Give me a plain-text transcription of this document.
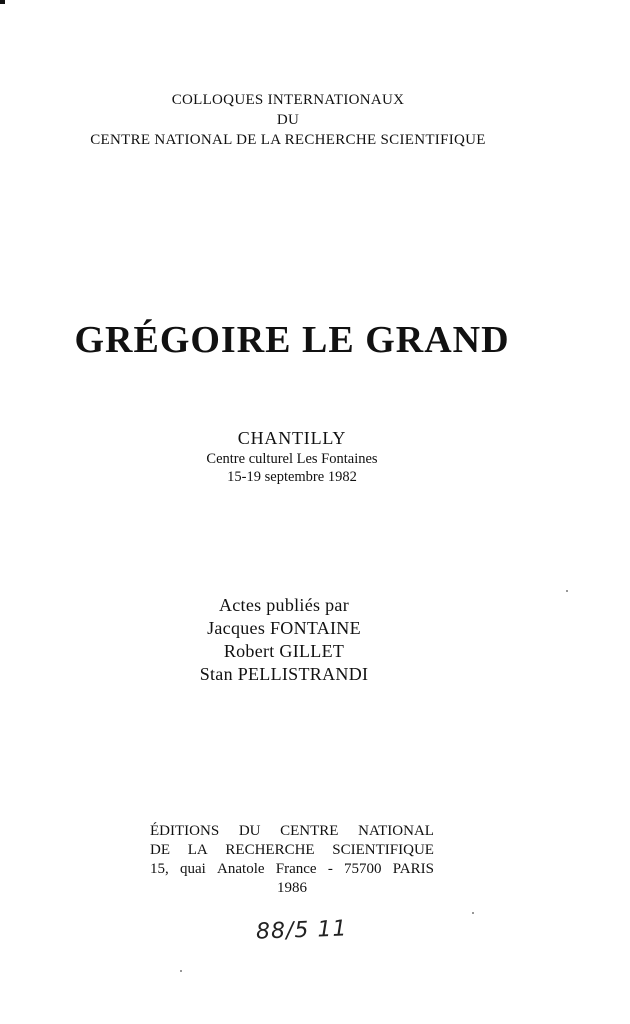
COLLOQUES INTERNATIONAUX
DU
CENTRE NATIONAL DE LA RECHERCHE SCIENTIFIQUE
GRÉGOIRE LE GRAND
CHANTILLY
Centre culturel Les Fontaines
15-19 septembre 1982
Actes publiés par
Jacques FONTAINE
Robert GILLET
Stan PELLISTRANDI
ÉDITIONS DU CENTRE NATIONAL
DE LA RECHERCHE SCIENTIFIQUE
15, quai Anatole France - 75700 PARIS
1986
88/5 11
